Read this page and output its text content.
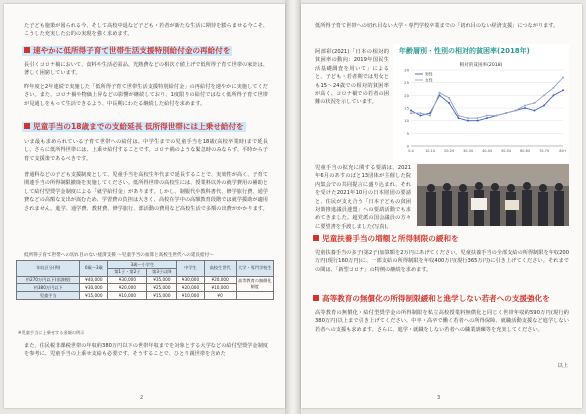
た子ども施策が図られる今、そして高校中退など子ども・若者が新たな生活に期待を膨らませる今こそ、こうした充実した公的の実現を強く求めます。
速やかに低所得子育て世帯生活支援特別給付金の再給付を
長引くコロナ禍において、食料や生活必需品、光熱費などの相次ぐ値上げで低所得子育て世帯の家計は、著しく困窮しています。
昨年度と2年連続で実施した「低所得子育て世帯生活支援特別給付金」の再給付を速やかに実施してください。また、コロナ禍や物価上昇などの影響が継続しており、1度限りの給付ではなく低所得子育て世帯が見通しをもって生活できるよう、中長期にわたる継続した給付を求めます。
児童手当の18歳までの支給延長 低所得世帯には上乗せ給付を
いま最も求められている子育て世帯への給付は、中学生までの児童手当を18歳(高校卒業時)まで延長し、さらに低所得世帯には、上乗せ給付することです。コロナ禍のような緊急時のみならず、平時から子育て支援策であるべきです。
普通科などの子ども支援制度として、児童手当を高校生年代まで延長することで、実効性が高く、子育て関連手当の所得制限撤廃を実施してください。低所得世帯の高校生には、授業料以外の就学費用の補助として給付型奨学金制度による「就学給付金」があります。しかし、制服代や教科書代、修学旅行費、通学費などの高額な支出が嵩むため、学習費の負担は大きく、高校在学中の高額教育段階では就学援助が適用されません。進学、通学費、教材費、修学旅行、部活動の費用など高校生活で多額の出費がかかります。
低所得子育て世帯への切れ目のない経済支援 ～児童手当の加算と高校生世代への延長給付～
年収区分(例)	0歳～3歳	3歳～小学生		中学生	高校生世代	大学・専門学校生
		第1子・第2子	第3子以降			
約270万円以下(非課税)	¥40,000	¥30,000	¥35,000	¥30,000	¥20,000	高等教育の無償化制度
約380万円以下	¥30,000	¥20,000	¥25,000	¥20,000	¥10,000	
児童手当	¥15,000	¥10,000	¥15,000	¥10,000	¥0	
※児童手当に上乗せする金額の例示
また、住民税非課税世帯の年収約380万円以下の世帯年収までを対象とする大学などの給付型奨学金制度を参考に、児童手当の上乗せ支給も必要です。そうすることで、ひとり親世帯を含めた
2
低所得子育て世帯への切れ目ない大学・専門学校卒業までの「切れ目のない経済支援」につながります。
阿部彩(2021)「日本の相対的貧困率の動向：2019年国民生活基礎調査を用いて」によると、子ども・若者期では男女とも15～24歳での相対的貧困率が高く、コロナ禍での若者の困難の状況を示しています。
年齢層別・性別の相対的貧困率(2018年)
相対的貧困率(2018)
0
5
10
15
20
25
30
0-4	10-14	20-24	30-34	40-44	50-54	60-64	70-74	80+
男性
女性
児童手当の拡充に関する要請は、2021年6月のあすのばと13団体が主催した院内集会での共同提言に盛り込まれ、それを受けた2021年10月の日本財団の要請と、住民が支え合う「日本子どもの貧困対策推進議員連盟」への要請活動でも求めてきました。超党派の国会議員の方々に要望書を手渡しました(写真)。
児童扶養手当の増額と所得制限の緩和を
児童扶養手当の多子(第2子)加算額を2万円にあげてください。児童扶養手当の全部支給の所得制限を年収200万円(現行160万円)に、一部支給の所得制限を年収400万円(現行365万円)に引き上げてください。それまでの間は、「新型コロナ」の特例の継続を求めます。
高等教育の無償化の所得制限緩和と進学しない若者への支援強化を
高等教育の無償化・給付型奨学金の所得制限を私立高校授業料無償化と同じく世帯年収約590万円(現行約380万円)以上まで引き上げてください。中卒・高卒で働く若者への所得保障、就職活動支援など進学しない若者への支援も求めます。さらに、進学・就職をしない若者への職業訓練等を充実してください。
以上
3
